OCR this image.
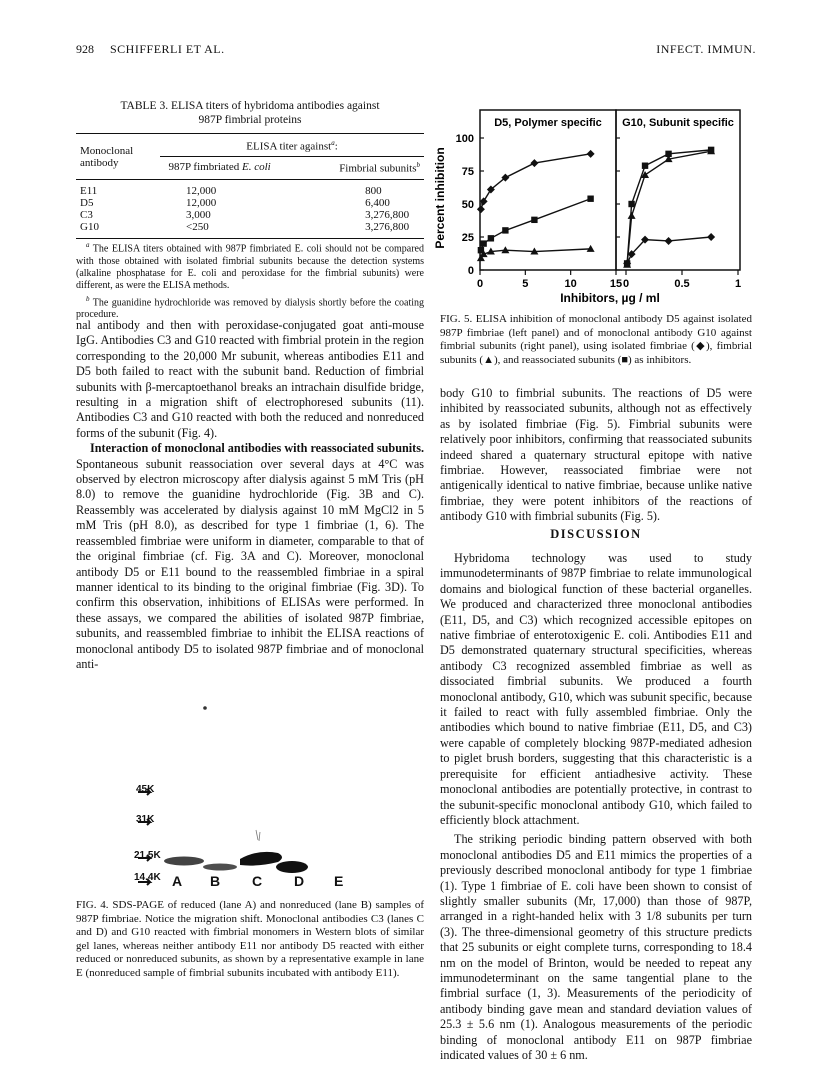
928 SCHIFFERLI ET AL.	INFECT. IMMUN.
TABLE 3. ELISA titers of hybridoma antibodies against
987P fimbrial proteins
Monoclonal
antibody	ELISA titer against$^a$:	
	987P fimbriated E. coli	Fimbrial subunits$^b$
E11	12,000	800
D5	12,000	6,400
C3	3,000	3,276,800
G10	<250	3,276,800

$^a$ The ELISA titers obtained with 987P fimbriated E. coli should not be compared with those obtained with isolated fimbrial subunits because the detection systems (alkaline phosphatase for E. coli and peroxidase for the fimbrial subunits) were different, as were the ELISA methods.

$^b$ The guanidine hydrochloride was removed by dialysis shortly before the coating procedure.

nal antibody and then with peroxidase-conjugated goat anti-mouse IgG. Antibodies C3 and G10 reacted with fimbrial protein in the region corresponding to the 20,000 Mr subunit, whereas antibodies E11 and D5 both failed to react with the subunit band. Reduction of fimbrial subunits with β-mercaptoethanol breaks an intrachain disulfide bridge, resulting in a migration shift of electrophoresed subunits (11). Antibodies C3 and G10 reacted with both the reduced and nonreduced forms of the subunit (Fig. 4).

Interaction of monoclonal antibodies with reassociated subunits. Spontaneous subunit reassociation over several days at 4°C was observed by electron microscopy after dialysis against 5 mM Tris (pH 8.0) to remove the guanidine hydrochloride (Fig. 3B and C). Reassembly was accelerated by dialysis against 10 mM MgCl2 in 5 mM Tris (pH 8.0), as described for type 1 fimbriae (1, 6). The reassembled fimbriae were uniform in diameter, comparable to that of the original fimbriae (cf. Fig. 3A and C). Moreover, monoclonal antibody D5 or E11 bound to the reassembled fimbriae in a spiral manner identical to its binding to the original fimbriae (Fig. 3D). To confirm this observation, inhibitions of ELISAs were performed. In these assays, we compared the abilities of isolated 987P fimbriae, subunits, and reassembled fimbriae to inhibit the ELISA reactions of monoclonal antibody D5 to isolated 987P fimbriae and of monoclonal anti-

45K
31K
21.5K
14.4K A B C D E
FIG. 4. SDS-PAGE of reduced (lane A) and nonreduced (lane B) samples of 987P fimbriae. Notice the migration shift. Monoclonal antibodies C3 (lanes C and D) and G10 reacted with fimbrial monomers in Western blots of similar gel lanes, whereas neither antibody E11 nor antibody D5 reacted with either reduced or nonreduced subunits, as shown by a representative example in lane E (nonreduced sample of fimbrial subunits incubated with antibody E11).
D5, Polymer specific
0	5	10	15
0
25
50
75
100
G10, Subunit specific
0	0.5	1
Percent inhibition
Inhibitors, µg / ml
FIG. 5. ELISA inhibition of monoclonal antibody D5 against isolated 987P fimbriae (left panel) and of monoclonal antibody G10 against fimbrial subunits (right panel), using isolated fimbriae (◆), fimbrial subunits (▲), and reassociated subunits (■) as inhibitors.

body G10 to fimbrial subunits. The reactions of D5 were inhibited by reassociated subunits, although not as effectively as by isolated fimbriae (Fig. 5). Fimbrial subunits were relatively poor inhibitors, confirming that reassociated subunits indeed shared a quaternary structural epitope with native fimbriae. However, reassociated fimbriae were not antigenically identical to native fimbriae, because unlike native fimbriae, they were potent inhibitors of the reactions of antibody G10 with fimbrial subunits (Fig. 5).

DISCUSSION

Hybridoma technology was used to study immunodeterminants of 987P fimbriae to relate immunological domains and biological function of these bacterial organelles. We produced and characterized three monoclonal antibodies (E11, D5, and C3) which recognized accessible epitopes on native fimbriae of enterotoxigenic E. coli. Antibodies E11 and D5 demonstrated quaternary structural specificities, whereas antibody C3 recognized assembled fimbriae as well as dissociated fimbrial subunits. We produced a fourth monoclonal antibody, G10, which was subunit specific, because it failed to react with fully assembled fimbriae. Only the antibodies which bound to native fimbriae (E11, D5, and C3) were capable of completely blocking 987P-mediated adhesion to piglet brush borders, suggesting that this characteristic is a prerequisite for efficient antiadhesive activity. These monoclonal antibodies are potentially protective, in contrast to the subunit-specific monoclonal antibody G10, which failed to efficiently block attachment.

The striking periodic binding pattern observed with both monoclonal antibodies D5 and E11 mimics the properties of a previously described monoclonal antibody for type 1 fimbriae (1). Type 1 fimbriae of E. coli have been shown to consist of slightly smaller subunits (Mr, 17,000) than those of 987P, arranged in a right-handed helix with 3 1/8 subunits per turn (3). The three-dimensional geometry of this structure predicts that 25 subunits or eight complete turns, corresponding to 18.4 nm on the model of Brinton, would be needed to repeat any immunodeterminant on the same tangential plane to the fimbrial surface (1, 3). Measurements of the periodicity of antibody binding gave mean and standard deviation values of 25.3 ± 5.6 nm (1). Analogous measurements of the periodic binding of monoclonal antibody E11 on 987P fimbriae indicated values of 30 ± 6 nm.
